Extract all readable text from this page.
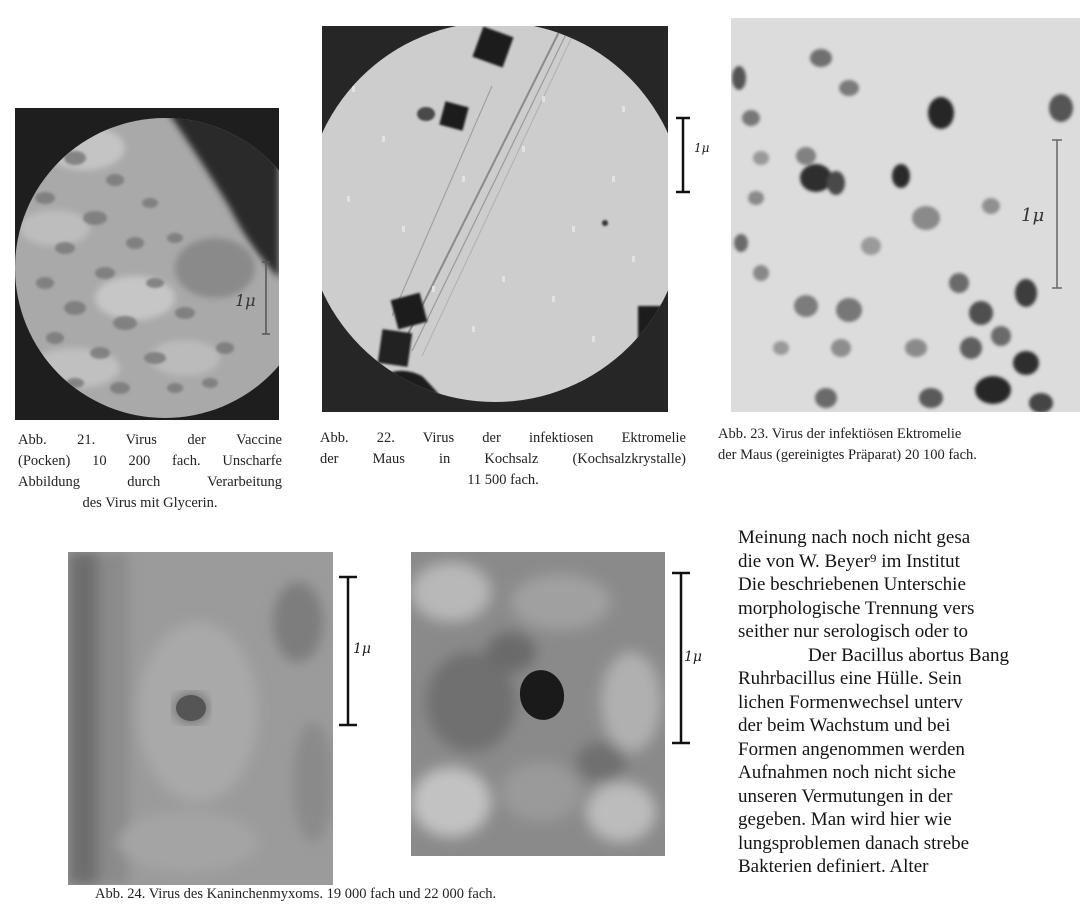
1μ

Abb. 21. Virus der Vaccine
(Pocken) 10 200 fach. Unscharfe
Abbildung durch Verarbeitung
des Virus mit Glycerin.

1μ

Abb. 22. Virus der infektiosen Ektromelie
der Maus in Kochsalz (Kochsalzkrystalle)
11 500 fach.

1μ

Abb. 23. Virus der infektiösen Ektromelie
der Maus (gereinigtes Präparat) 20 100 fach.

1μ	1μ

Abb. 24. Virus des Kaninchenmyxoms. 19 000 fach und 22 000 fach.

Meinung nach noch nicht gesa
die von W. Beyer⁹ im Institut
Die beschriebenen Unterschie
morphologische Trennung vers
seither nur serologisch oder to
Der Bacillus abortus Bang
Ruhrbacillus eine Hülle. Sein
lichen Formenwechsel unterv
der beim Wachstum und bei
Formen angenommen werden
Aufnahmen noch nicht siche
unseren Vermutungen in der
gegeben. Man wird hier wie
lungsproblemen danach strebe
Bakterien definiert. Alter
